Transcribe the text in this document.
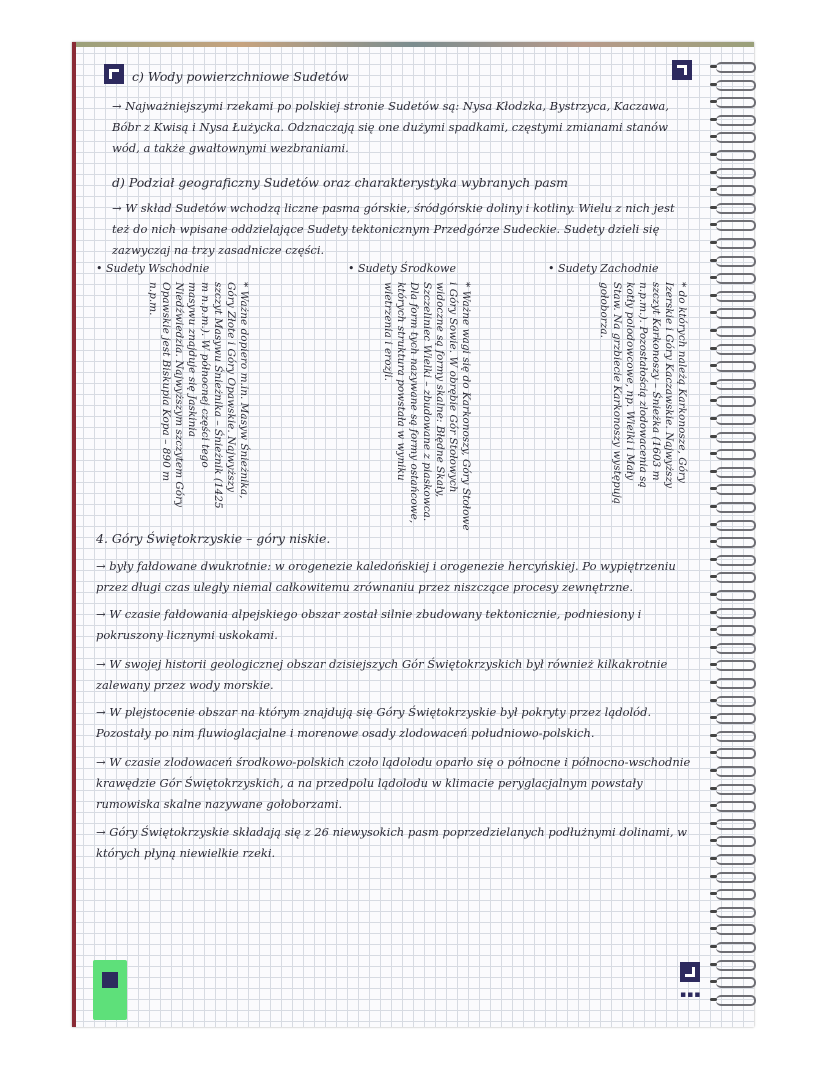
▪▪▪
c) Wody powierzchniowe Sudetów
→ Najważniejszymi rzekami po polskiej stronie Sudetów są: Nysa Kłodzka, Bystrzyca, Kaczawa, Bóbr z Kwisą i Nysa Łużycka. Odznaczają się one dużymi spadkami, częstymi zmianami stanów wód, a także gwałtownymi wezbraniami.
d) Podział geograficzny Sudetów oraz charakterystyka wybranych pasm
→ W skład Sudetów wchodzą liczne pasma górskie, śródgórskie doliny i kotliny. Wielu z nich jest też do nich wpisane oddzielające Sudety tektonicznym Przedgórze Sudeckie. Sudety dzieli się zazwyczaj na trzy zasadnicze części.
• Sudety Wschodnie
* Ważne dopiero m.in. Masyw Śnieżnika, Góry Złote i Góry Opawskie. Najwyższy szczyt Masywu Śnieżnika – Śnieżnik (1425 m n.p.m.). W północnej części tego masywu znajduje się Jaskinia Niedźwiedzia. Najwyższym szczytem Góry Opawskie jest Biskupia Kopa – 890 m n.p.m.
• Sudety Środkowe
* Ważne wagi się do Karkonoszy, Góry Stołowe i Góry Sowie. W obrębie Gór Stołowych widoczne są formy skalne: Błędne Skały, Szczeliniec Wielki – zbudowane z piaskowca. Dla form tych nazywane są formy ostańcowe, których struktura powstała w wyniku wietrzenia i erozji.
• Sudety Zachodnie
* do których należą Karkonosze, Góry Izerskie i Góry Kaczawskie. Najwyższy szczyt Karkonoszy – Śnieżka (1603 m n.p.m.). Pozostałością zlodowacenia są kotły polodowcowe, np. Wielki i Mały Staw. Na grzbiecie Karkonoszy występują gołoborza.
4. Góry Świętokrzyskie – góry niskie.
→ były fałdowane dwukrotnie: w orogenezie kaledońskiej i orogenezie hercyńskiej. Po wypiętrzeniu przez długi czas uległy niemal całkowitemu zrównaniu przez niszczące procesy zewnętrzne.
→ W czasie fałdowania alpejskiego obszar został silnie zbudowany tektonicznie, podniesiony i pokruszony licznymi uskokami.
→ W swojej historii geologicznej obszar dzisiejszych Gór Świętokrzyskich był również kilkakrotnie zalewany przez wody morskie.
→ W plejstocenie obszar na którym znajdują się Góry Świętokrzyskie był pokryty przez lądolód. Pozostały po nim fluwioglacjalne i morenowe osady zlodowaceń południowo-polskich.
→ W czasie zlodowaceń środkowo-polskich czoło lądolodu oparło się o północne i północno-wschodnie krawędzie Gór Świętokrzyskich, a na przedpolu lądolodu w klimacie peryglacjalnym powstały rumowiska skalne nazywane gołoborzami.
→ Góry Świętokrzyskie składają się z 26 niewysokich pasm poprzedzielanych podłużnymi dolinami, w których płyną niewielkie rzeki.
